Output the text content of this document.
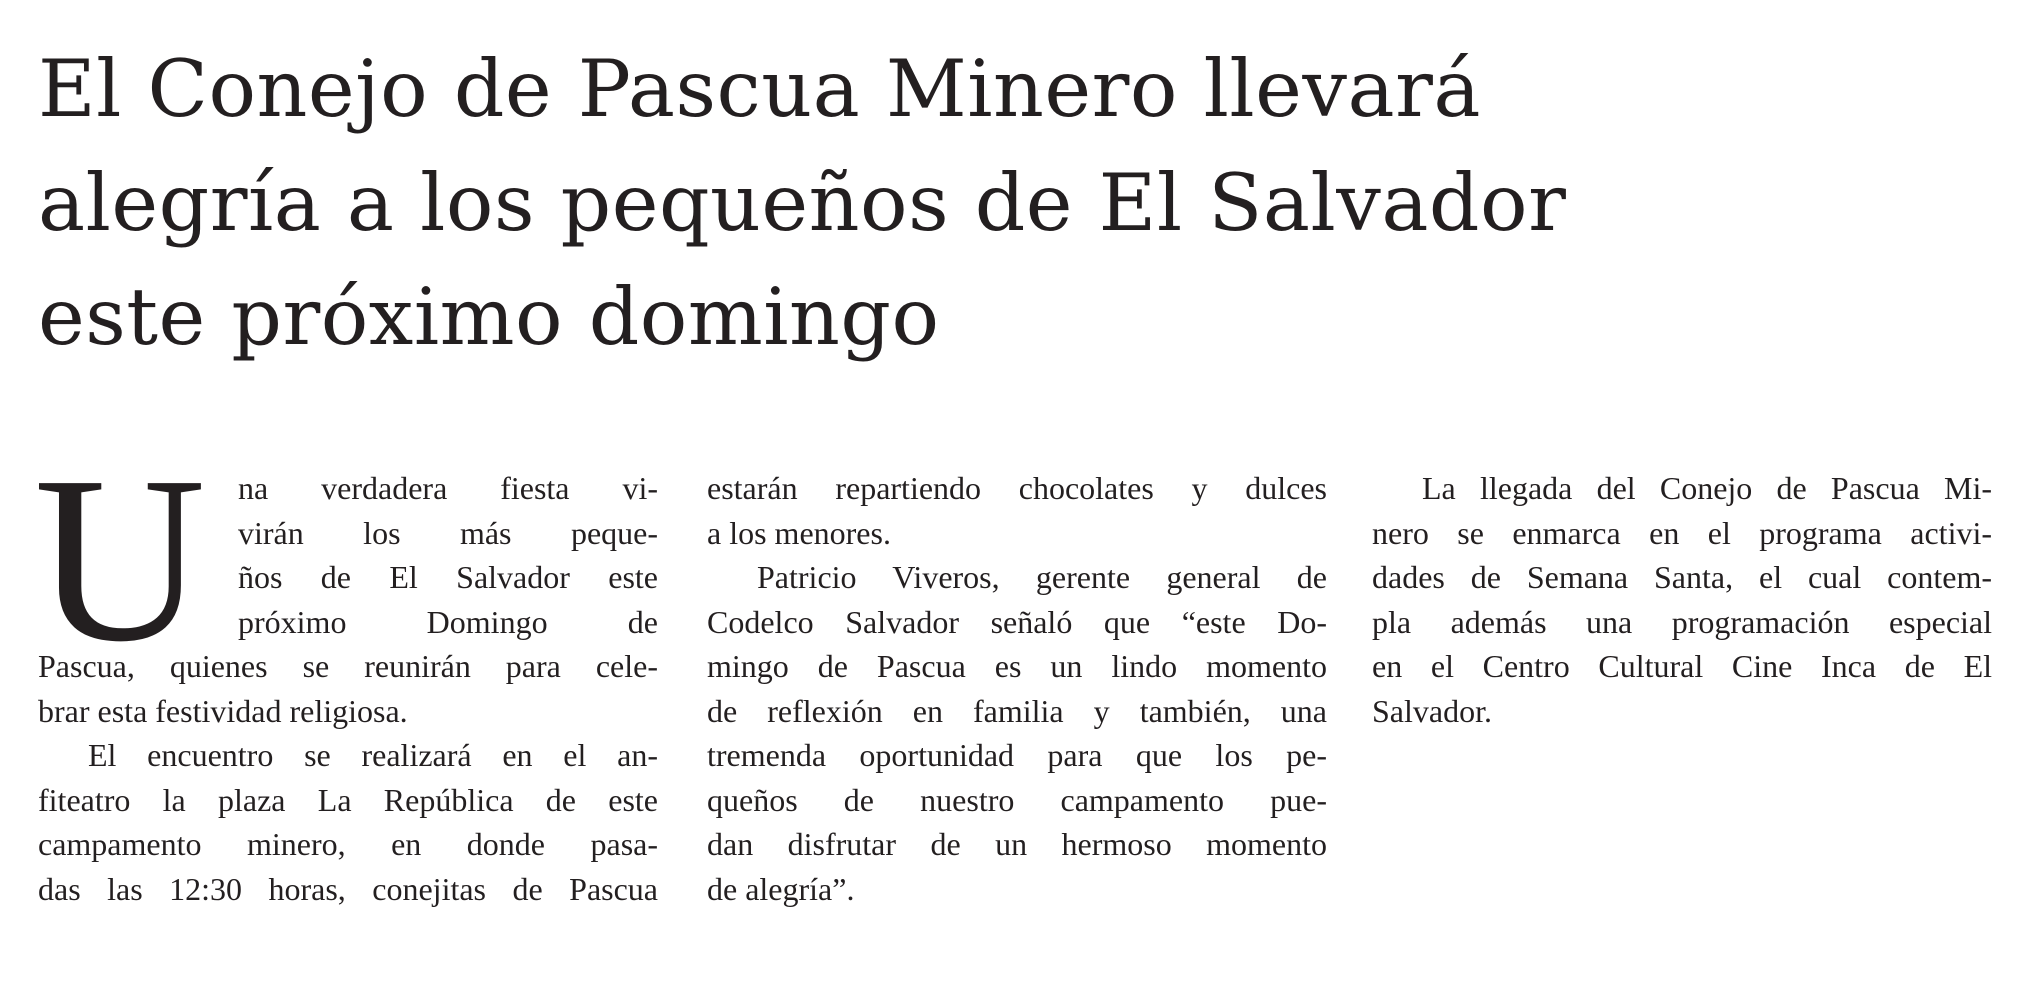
El Conejo de Pascua Minero llevará
alegría a los pequeños de El Salvador
este próximo domingo
U na verdadera fiesta vi-
virán los más peque-
ños de El Salvador este
próximo Domingo de
Pascua, quienes se reunirán para cele-
brar esta festividad religiosa.
El encuentro se realizará en el an-
fiteatro la plaza La República de este
campamento minero, en donde pasa-
das las 12:30 horas, conejitas de Pascua
estarán repartiendo chocolates y dulces
a los menores.
Patricio Viveros, gerente general de
Codelco Salvador señaló que “este Do-
mingo de Pascua es un lindo momento
de reflexión en familia y también, una
tremenda oportunidad para que los pe-
queños de nuestro campamento pue-
dan disfrutar de un hermoso momento
de alegría”.
La llegada del Conejo de Pascua Mi-
nero se enmarca en el programa activi-
dades de Semana Santa, el cual contem-
pla además una programación especial
en el Centro Cultural Cine Inca de El
Salvador.
